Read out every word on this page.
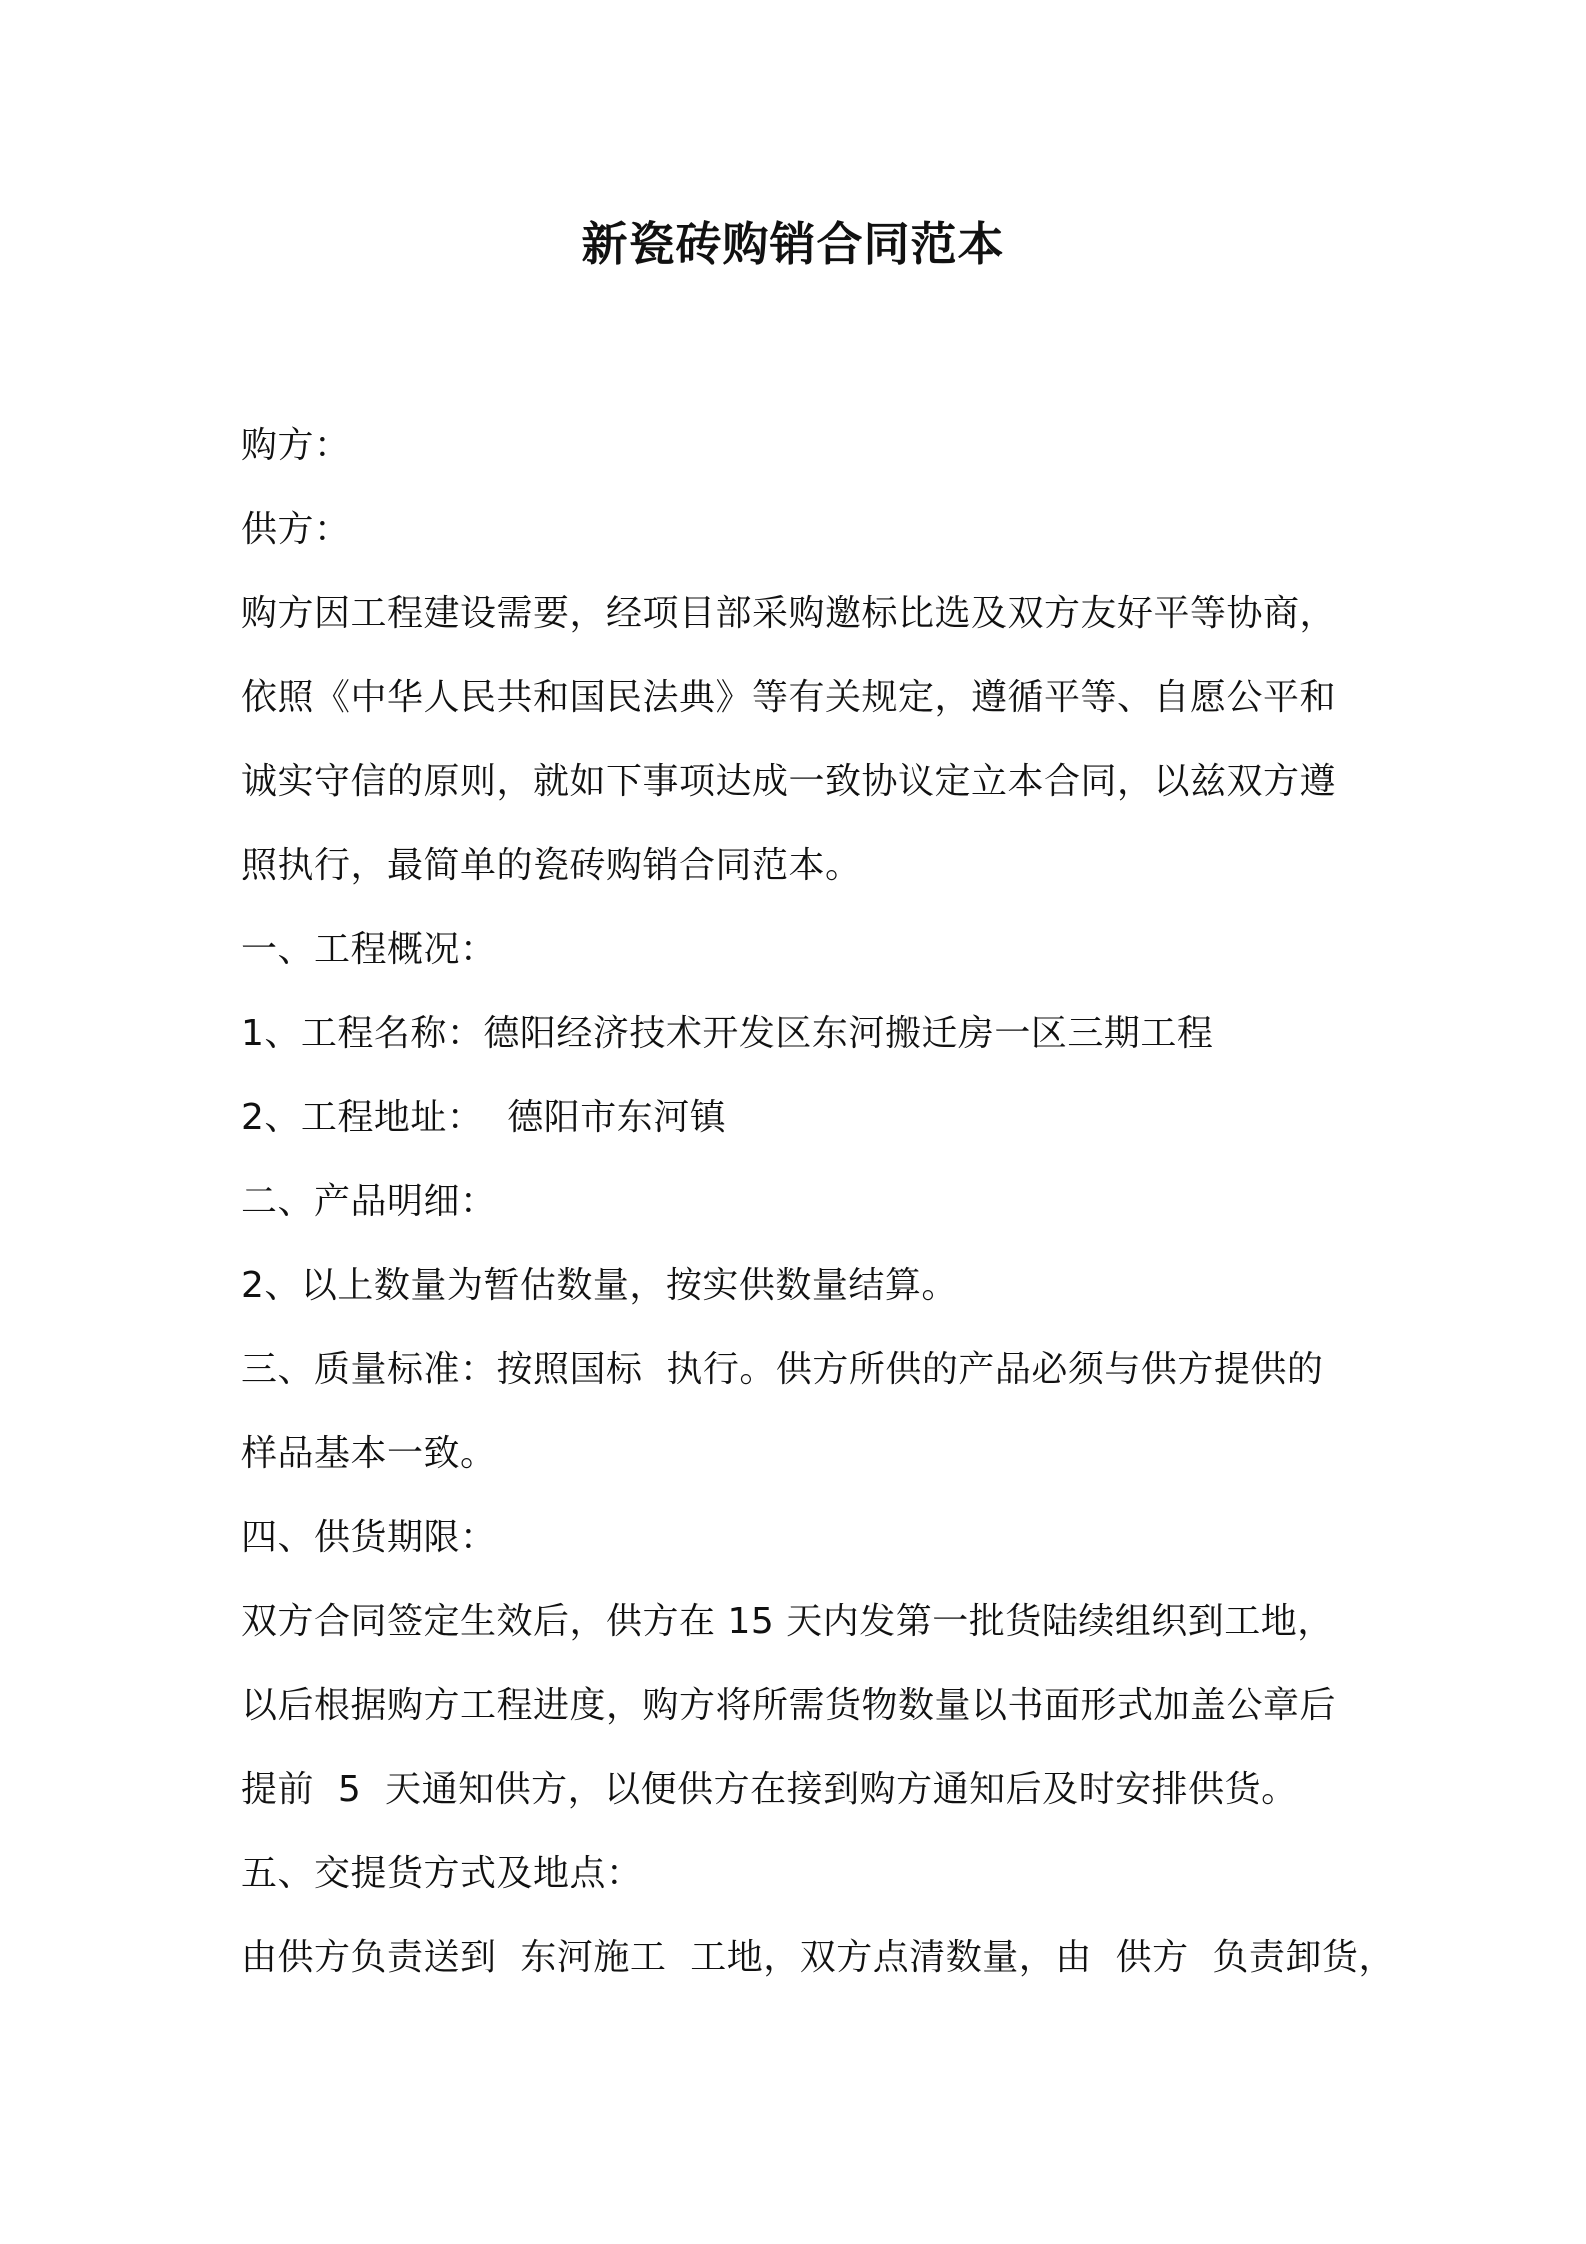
新瓷砖购销合同范本

购方：

供方：

购方因工程建设需要，经项目部采购邀标比选及双方友好平等协商，

依照《中华人民共和国民法典》等有关规定，遵循平等、自愿公平和

诚实守信的原则，就如下事项达成一致协议定立本合同，以兹双方遵

照执行，最简单的瓷砖购销合同范本。

一、工程概况：

1、工程名称：德阳经济技术开发区东河搬迁房一区三期工程

2、工程地址：  德阳市东河镇

二、产品明细：

2、以上数量为暂估数量，按实供数量结算。

三、质量标准：按照国标  执行。供方所供的产品必须与供方提供的

样品基本一致。

四、供货期限：

双方合同签定生效后，供方在 15 天内发第一批货陆续组织到工地，

以后根据购方工程进度，购方将所需货物数量以书面形式加盖公章后

提前  5  天通知供方，以便供方在接到购方通知后及时安排供货。

五、交提货方式及地点：

由供方负责送到  东河施工  工地，双方点清数量，由  供方  负责卸货，
